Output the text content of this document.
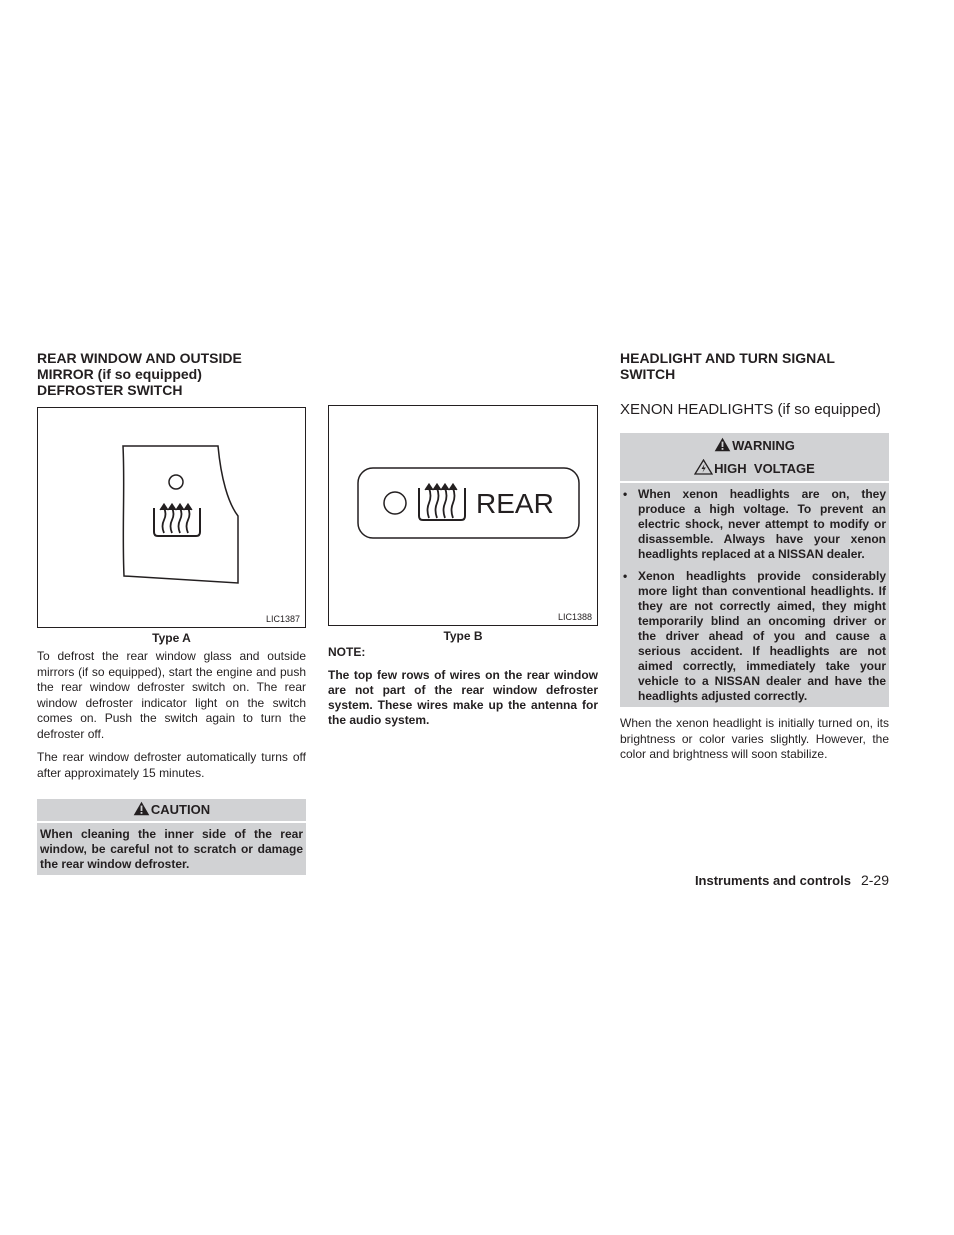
REAR WINDOW AND OUTSIDE
MIRROR (if so equipped)
DEFROSTER SWITCH
LIC1387
Type A

To defrost the rear window glass and outside mirrors (if so equipped), start the engine and push the rear window defroster switch on. The rear window defroster indicator light on the switch comes on. Push the switch again to turn the defroster off.

The rear window defroster automatically turns off after approximately 15 minutes.

CAUTION
When cleaning the inner side of the rear window, be careful not to scratch or damage the rear window defroster.
REAR
LIC1388
Type B

NOTE:

The top few rows of wires on the rear window are not part of the rear window defroster system. These wires make up the antenna for the audio system.

HEADLIGHT AND TURN SIGNAL
SWITCH
XENON HEADLIGHTS (if so equipped)
WARNING
HIGH  VOLTAGE
• When xenon headlights are on, they produce a high voltage. To prevent an electric shock, never attempt to modify or disassemble. Always have your xenon headlights replaced at a NISSAN dealer.
• Xenon headlights provide considerably more light than conventional headlights. If they are not correctly aimed, they might temporarily blind an oncoming driver or the driver ahead of you and cause a serious accident. If headlights are not aimed correctly, immediately take your vehicle to a NISSAN dealer and have the headlights adjusted correctly.

When the xenon headlight is initially turned on, its brightness or color varies slightly. However, the color and brightness will soon stabilize.

Instruments and controls 2-29
